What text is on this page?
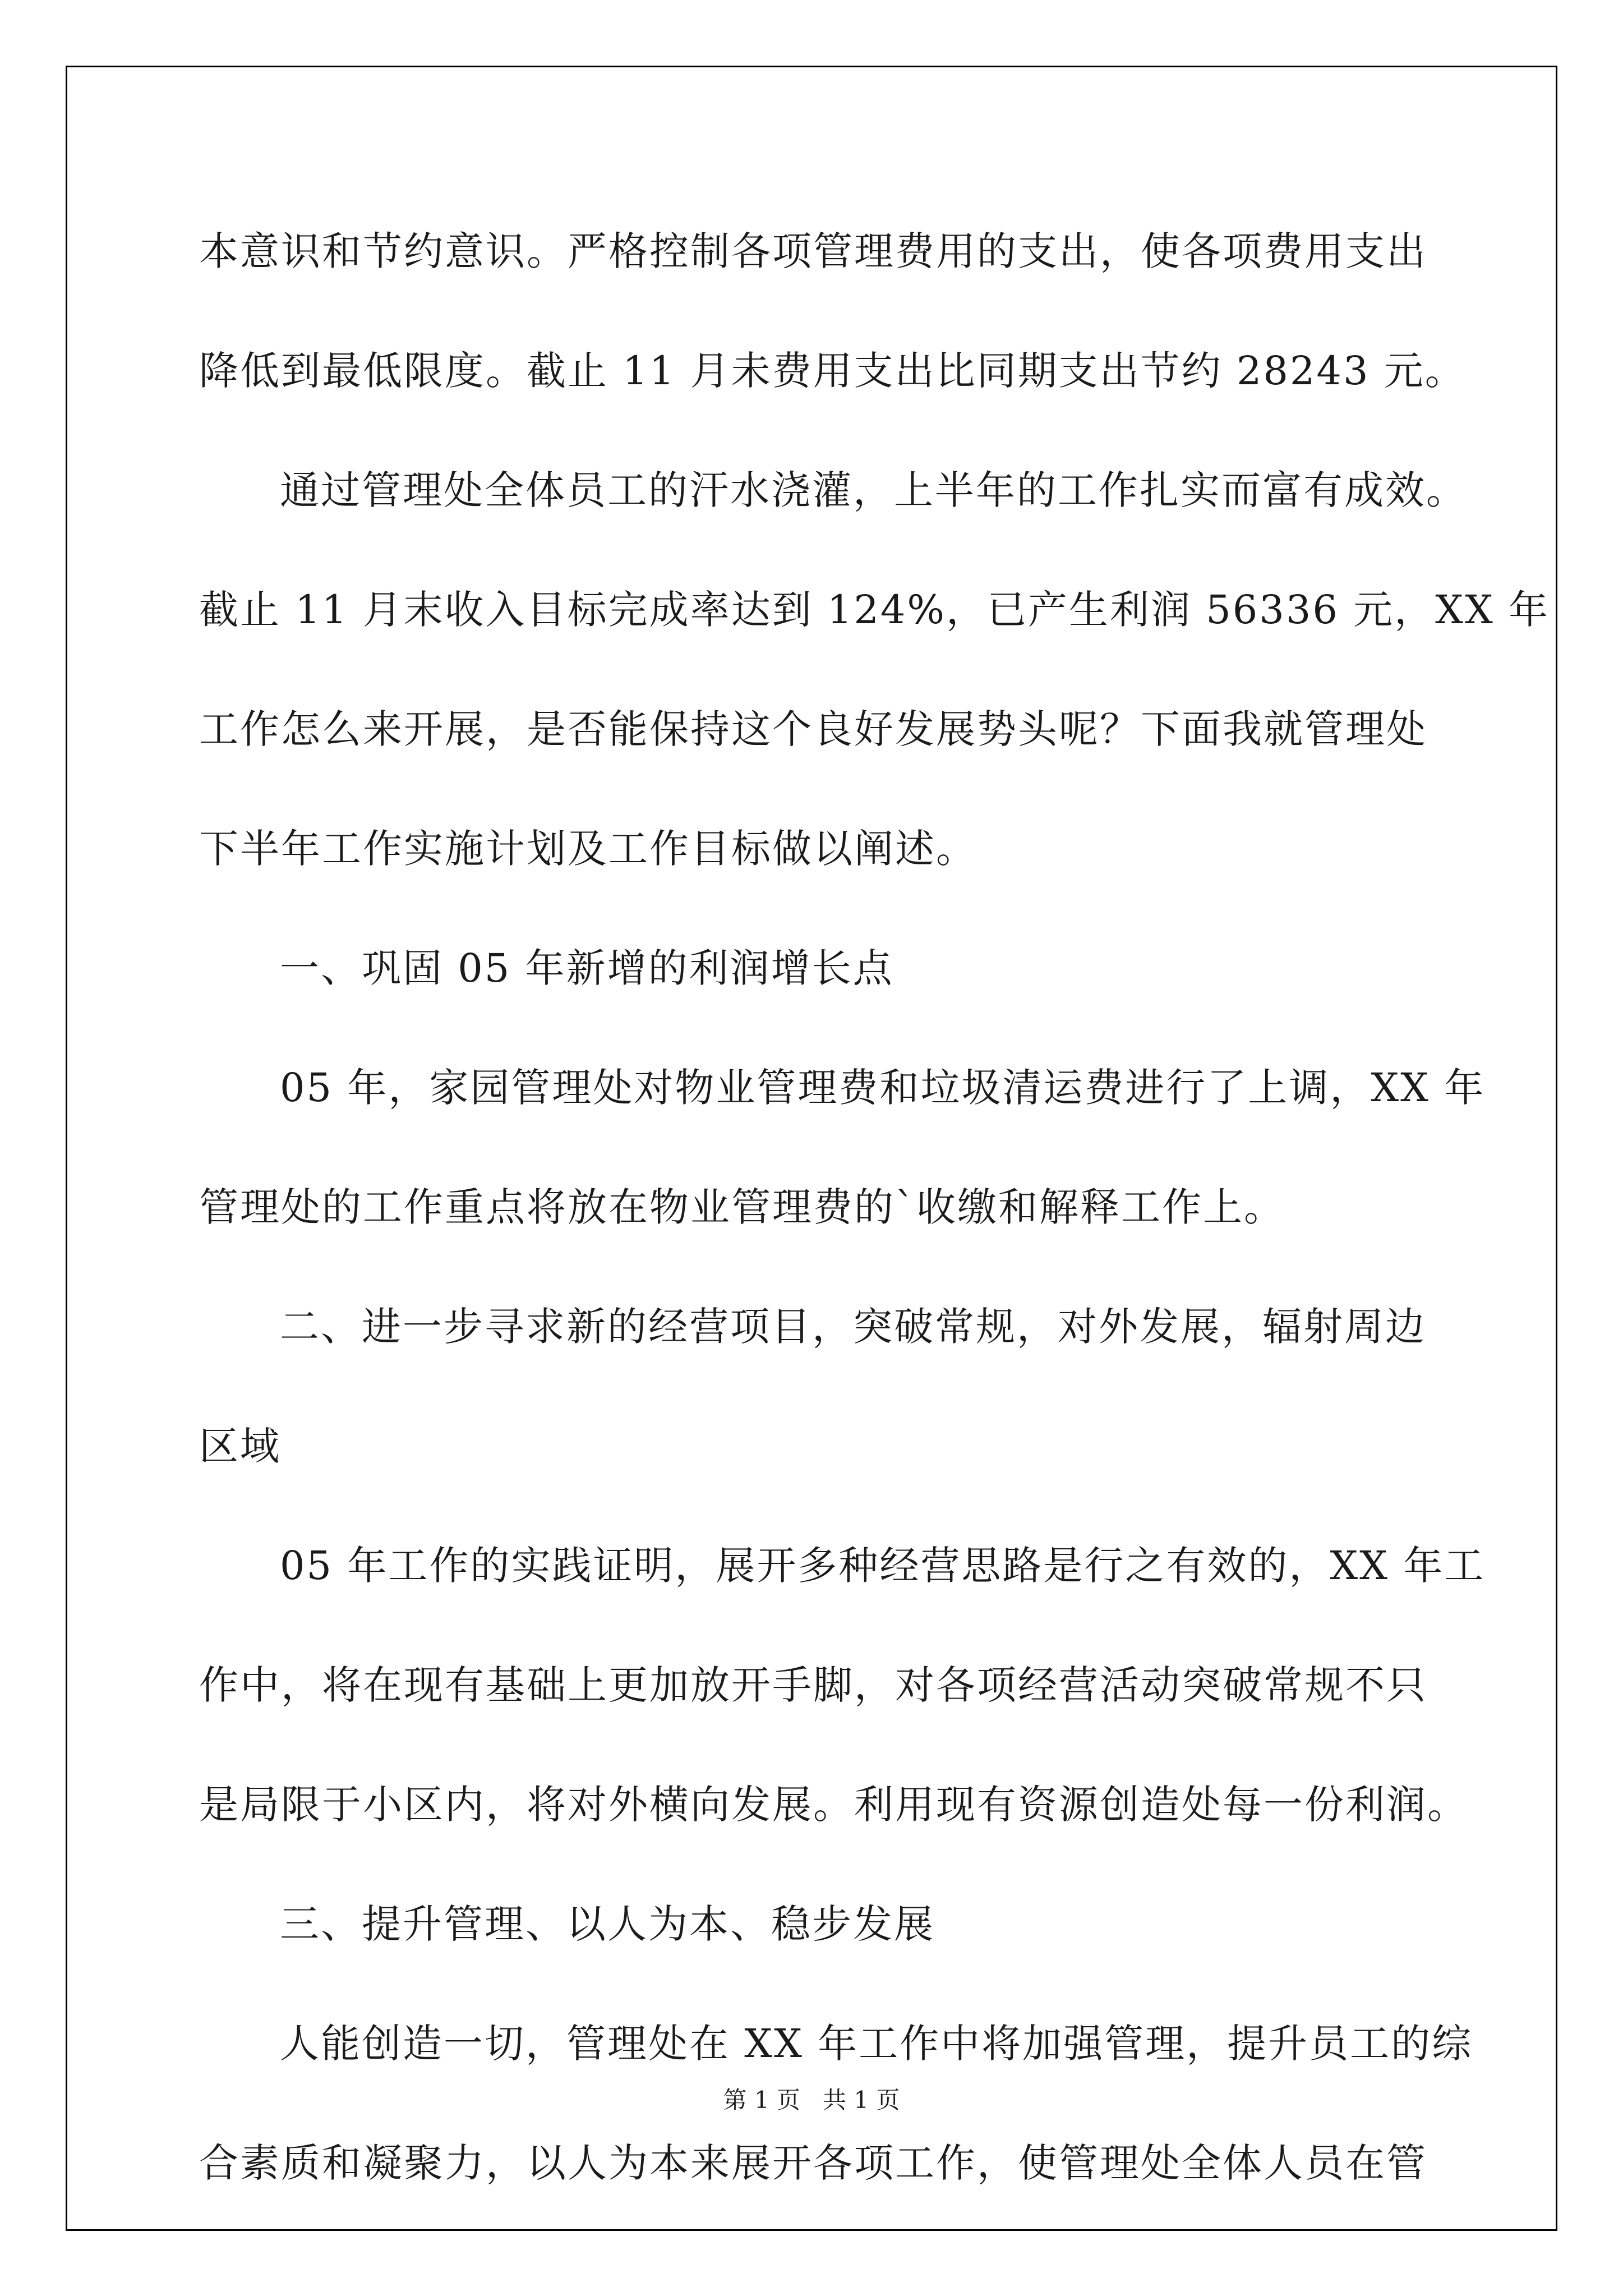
本意识和节约意识。严格控制各项管理费用的支出，使各项费用支出
降低到最低限度。截止 11 月未费用支出比同期支出节约 28243 元。
通过管理处全体员工的汗水浇灌，上半年的工作扎实而富有成效。
截止 11 月末收入目标完成率达到 124%，已产生利润 56336 元，XX 年
工作怎么来开展，是否能保持这个良好发展势头呢？下面我就管理处
下半年工作实施计划及工作目标做以阐述。
一、巩固 05 年新增的利润增长点
05 年，家园管理处对物业管理费和垃圾清运费进行了上调，XX 年
管理处的工作重点将放在物业管理费的`收缴和解释工作上。
二、进一步寻求新的经营项目，突破常规，对外发展，辐射周边
区域
05 年工作的实践证明，展开多种经营思路是行之有效的，XX 年工
作中，将在现有基础上更加放开手脚，对各项经营活动突破常规不只
是局限于小区内，将对外横向发展。利用现有资源创造处每一份利润。
三、提升管理、以人为本、稳步发展
人能创造一切，管理处在 XX 年工作中将加强管理，提升员工的综
合素质和凝聚力，以人为本来展开各项工作，使管理处全体人员在管
第 1 页   共 1 页
